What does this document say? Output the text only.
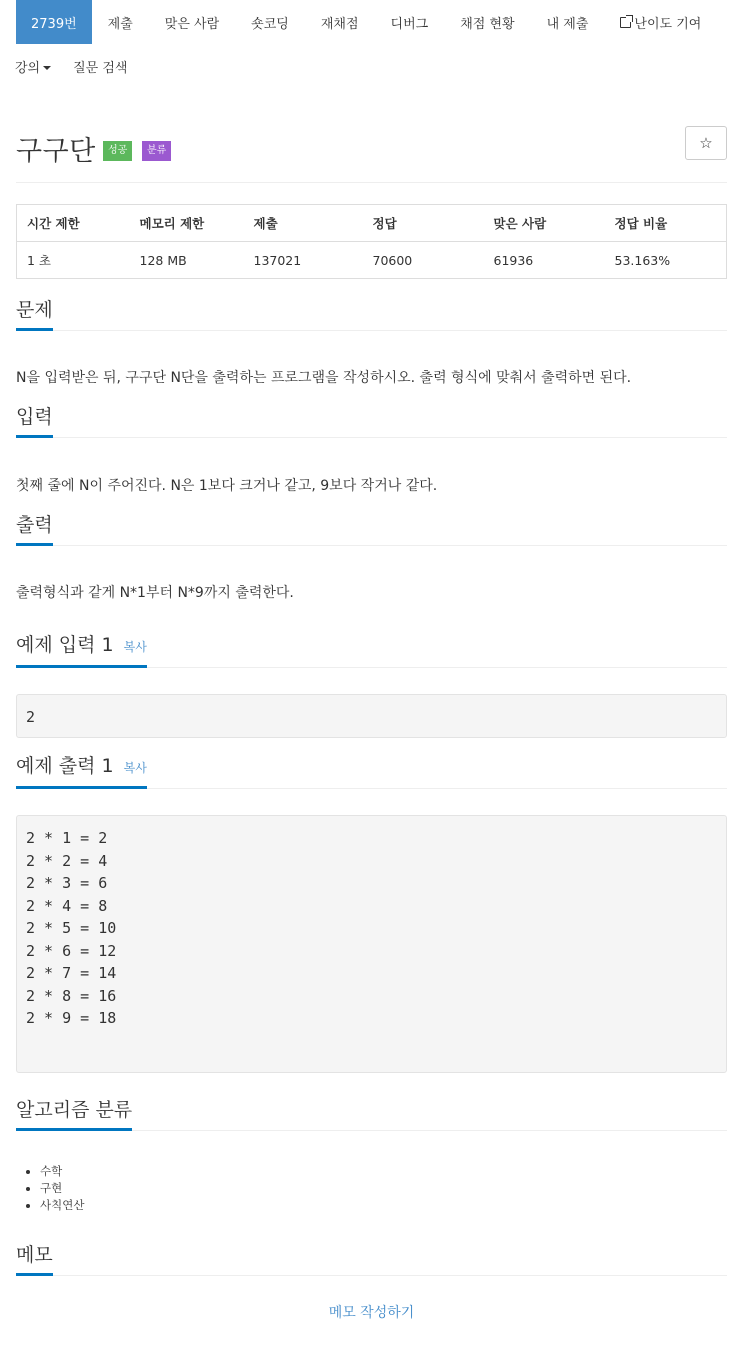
2739번	제출	맞은 사람	숏코딩	재채점	디버그	채점 현황	내 제출	난이도 기여
강의	질문 검색
구구단	성공	분류	☆
시간 제한	메모리 제한	제출	정답	맞은 사람	정답 비율
1 초	128 MB	137021	70600	61936	53.163%
문제
N을 입력받은 뒤, 구구단 N단을 출력하는 프로그램을 작성하시오. 출력 형식에 맞춰서 출력하면 된다.
입력
첫째 줄에 N이 주어진다. N은 1보다 크거나 같고, 9보다 작거나 같다.
출력
출력형식과 같게 N*1부터 N*9까지 출력한다.
예제 입력 1 복사
2
예제 출력 1 복사
2 * 1 = 2
2 * 2 = 4
2 * 3 = 6
2 * 4 = 8
2 * 5 = 10
2 * 6 = 12
2 * 7 = 14
2 * 8 = 16
2 * 9 = 18
알고리즘 분류
• 수학
• 구현
• 사칙연산
메모
메모 작성하기
